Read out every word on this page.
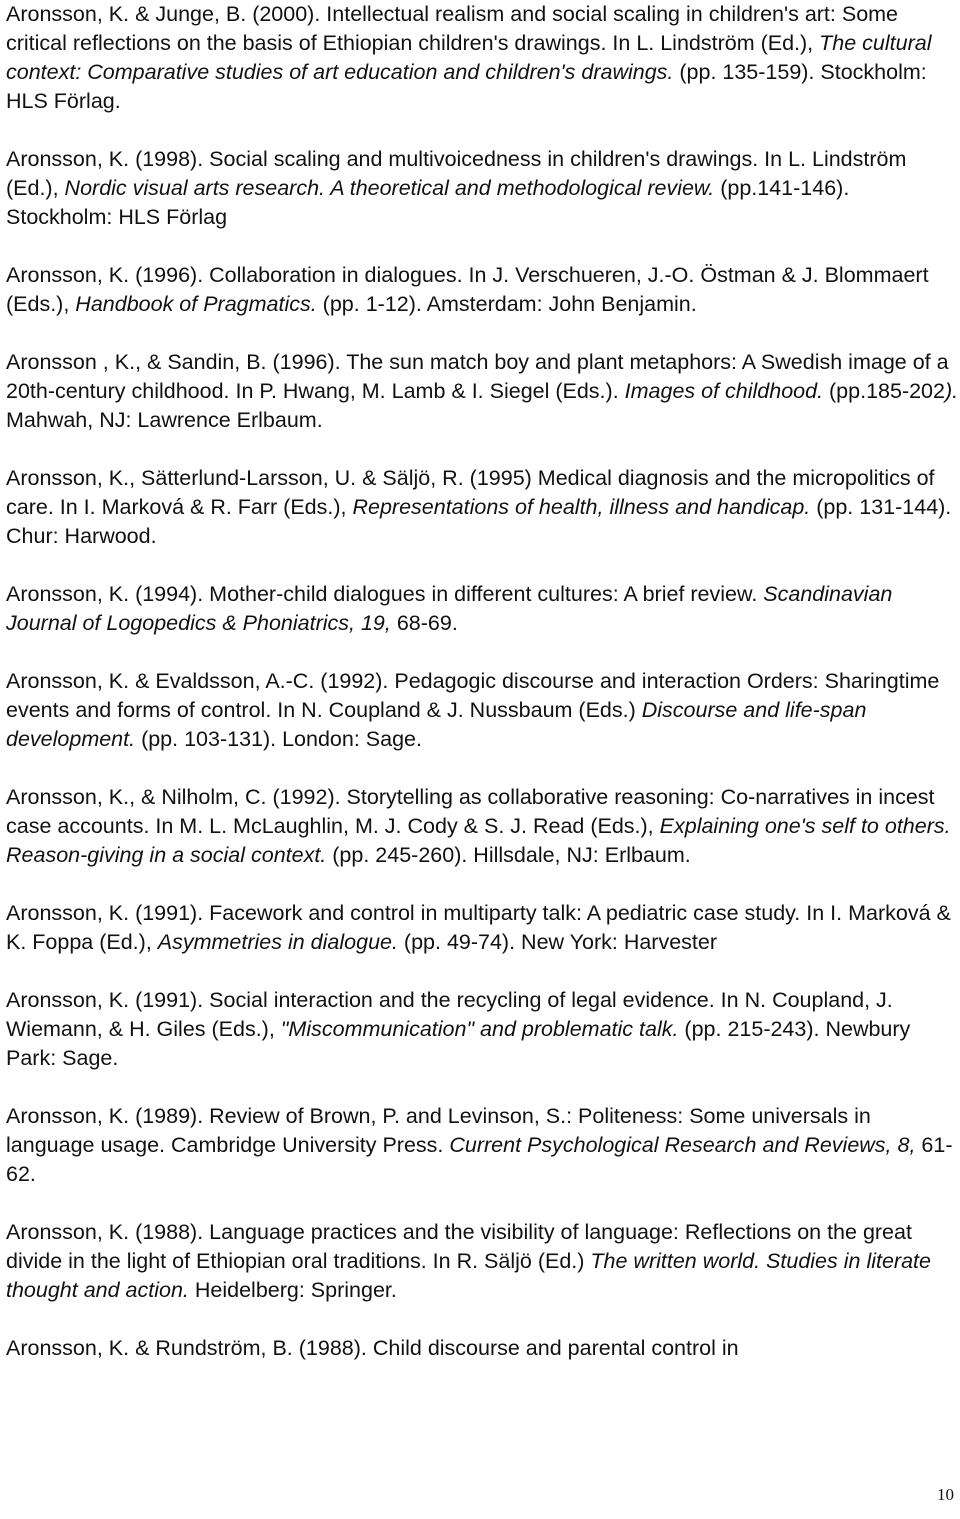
Aronsson, K. & Junge, B. (2000). Intellectual realism and social scaling in children's art: Some critical reflections on the basis of Ethiopian children's drawings. In L. Lindström (Ed.), The cultural context: Comparative studies of art education and children's drawings. (pp. 135-159). Stockholm: HLS Förlag.

Aronsson, K. (1998). Social scaling and multivoicedness in children's drawings. In L. Lindström (Ed.), Nordic visual arts research. A theoretical and methodological review. (pp.141-146). Stockholm: HLS Förlag

Aronsson, K. (1996). Collaboration in dialogues. In J. Verschueren, J.-O. Östman & J. Blommaert (Eds.), Handbook of Pragmatics. (pp. 1-12). Amsterdam: John Benjamin.

Aronsson , K., & Sandin, B. (1996). The sun match boy and plant metaphors: A Swedish image of a 20th-century childhood. In P. Hwang, M. Lamb & I. Siegel (Eds.). Images of childhood. (pp.185-202). Mahwah, NJ: Lawrence Erlbaum.

Aronsson, K., Sätterlund-Larsson, U. & Säljö, R. (1995) Medical diagnosis and the micropolitics of care. In I. Marková & R. Farr (Eds.), Representations of health, illness and handicap. (pp. 131-144). Chur: Harwood.

Aronsson, K. (1994). Mother-child dialogues in different cultures: A brief review. Scandinavian Journal of Logopedics & Phoniatrics, 19, 68-69.

Aronsson, K. & Evaldsson, A.-C. (1992). Pedagogic discourse and interaction Orders: Sharingtime events and forms of control. In N. Coupland & J. Nussbaum (Eds.) Discourse and life-span development. (pp. 103-131). London: Sage.

Aronsson, K., & Nilholm, C. (1992). Storytelling as collaborative reasoning: Co-narratives in incest case accounts. In M. L. McLaughlin, M. J. Cody & S. J. Read (Eds.), Explaining one's self to others. Reason-giving in a social context. (pp. 245-260). Hillsdale, NJ: Erlbaum.

Aronsson, K. (1991). Facework and control in multiparty talk: A pediatric case study. In I. Marková & K. Foppa (Ed.), Asymmetries in dialogue. (pp. 49-74). New York: Harvester

Aronsson, K. (1991). Social interaction and the recycling of legal evidence. In N. Coupland, J. Wiemann, & H. Giles (Eds.), "Miscommunication" and problematic talk. (pp. 215-243). Newbury Park: Sage.

Aronsson, K. (1989). Review of Brown, P. and Levinson, S.: Politeness: Some universals in language usage. Cambridge University Press. Current Psychological Research and Reviews, 8, 61-62.

Aronsson, K. (1988). Language practices and the visibility of language: Reflections on the great divide in the light of Ethiopian oral traditions. In R. Säljö (Ed.) The written world. Studies in literate thought and action. Heidelberg: Springer.

Aronsson, K. & Rundström, B. (1988). Child discourse and parental control in

10
